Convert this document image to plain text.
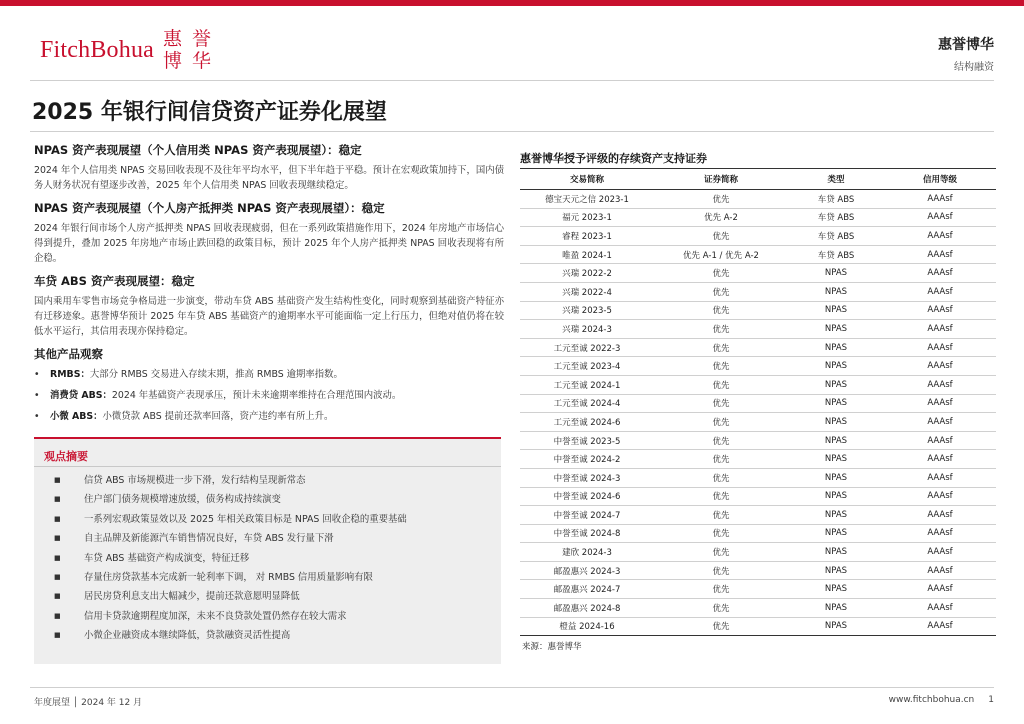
FitchBohua 惠 誉
博 华
惠誉博华
结构融资
2025 年银行间信贷资产证券化展望
NPAS 资产表现展望（个人信用类 NPAS 资产表现展望）：稳定

2024 年个人信用类 NPAS 交易回收表现不及往年平均水平，但下半年趋于平稳。预计在宏观政策加持下，国内债务人财务状况有望逐步改善，2025 年个人信用类 NPAS 回收表现继续稳定。

NPAS 资产表现展望（个人房产抵押类 NPAS 资产表现展望）：稳定

2024 年银行间市场个人房产抵押类 NPAS 回收表现疲弱，但在一系列政策措施作用下，2024 年房地产市场信心得到提升，叠加 2025 年房地产市场止跌回稳的政策目标，预计 2025 年个人房产抵押类 NPAS 回收表现将有所企稳。

车贷 ABS 资产表现展望：稳定

国内乘用车零售市场竞争格局进一步演变，带动车贷 ABS 基础资产发生结构性变化，同时观察到基础资产特征亦有迁移迹象。惠誉博华预计 2025 年车贷 ABS 基础资产的逾期率水平可能面临一定上行压力，但绝对值仍将在较低水平运行，其信用表现亦保持稳定。

其他产品观察
•	RMBS：大部分 RMBS 交易进入存续末期，推高 RMBS 逾期率指数。
•	消费贷 ABS：2024 年基础资产表现承压，预计未来逾期率维持在合理范围内波动。
•	小微 ABS：小微贷款 ABS 提前还款率回落，资产违约率有所上升。
观点摘要
■	信贷 ABS 市场规模进一步下滑，发行结构呈现新常态
■	住户部门债务规模增速放缓，债务构成持续演变
■	一系列宏观政策显效以及 2025 年相关政策目标是 NPAS 回收企稳的重要基础
■	自主品牌及新能源汽车销售情况良好，车贷 ABS 发行量下滑
■	车贷 ABS 基础资产构成演变，特征迁移
■	存量住房贷款基本完成新一轮利率下调， 对 RMBS 信用质量影响有限
■	居民房贷利息支出大幅减少，提前还款意愿明显降低
■	信用卡贷款逾期程度加深，未来不良贷款处置仍然存在较大需求
■	小微企业融资成本继续降低，贷款融资灵活性提高
惠誉博华授予评级的存续资产支持证券
交易简称	证券简称	类型	信用等级
德宝天元之信 2023-1	优先	车贷 ABS	AAAsf
福元 2023-1	优先 A-2	车贷 ABS	AAAsf
睿程 2023-1	优先	车贷 ABS	AAAsf
唯盈 2024-1	优先 A-1 / 优先 A-2	车贷 ABS	AAAsf
兴瑞 2022-2	优先	NPAS	AAAsf
兴瑞 2022-4	优先	NPAS	AAAsf
兴瑞 2023-5	优先	NPAS	AAAsf
兴瑞 2024-3	优先	NPAS	AAAsf
工元至诚 2022-3	优先	NPAS	AAAsf
工元至诚 2023-4	优先	NPAS	AAAsf
工元至诚 2024-1	优先	NPAS	AAAsf
工元至诚 2024-4	优先	NPAS	AAAsf
工元至诚 2024-6	优先	NPAS	AAAsf
中誉至诚 2023-5	优先	NPAS	AAAsf
中誉至诚 2024-2	优先	NPAS	AAAsf
中誉至诚 2024-3	优先	NPAS	AAAsf
中誉至诚 2024-6	优先	NPAS	AAAsf
中誉至诚 2024-7	优先	NPAS	AAAsf
中誉至诚 2024-8	优先	NPAS	AAAsf
建欣 2024-3	优先	NPAS	AAAsf
邮盈惠兴 2024-3	优先	NPAS	AAAsf
邮盈惠兴 2024-7	优先	NPAS	AAAsf
邮盈惠兴 2024-8	优先	NPAS	AAAsf
橙益 2024-16	优先	NPAS	AAAsf
来源：惠誉博华
年度展望 │ 2024 年 12 月	www.fitchbohua.cn 1
